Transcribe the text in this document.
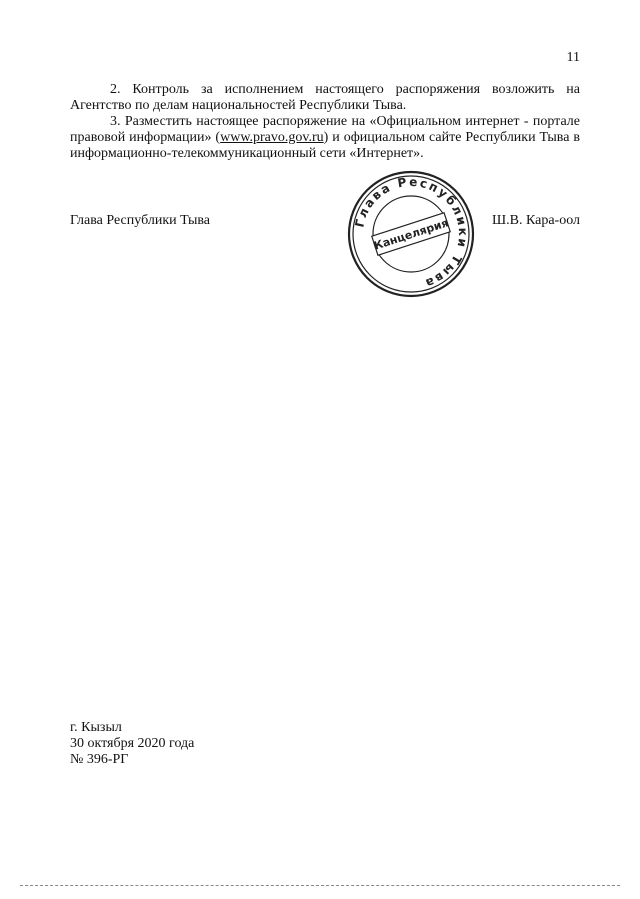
11

2. Контроль за исполнением настоящего распоряжения возложить на Агентство по делам национальностей Республики Тыва.

3. Разместить настоящее распоряжение на «Официальном интернет - портале правовой информации» (www.pravo.gov.ru) и официальном сайте Республики Тыва в информационно-телекоммуникационный сети «Интернет».

Глава Республики Тыва	Ш.В. Кара-оол
Глава Республики Тыва
Канцелярия
г. Кызыл
30 октября 2020 года
№ 396-РГ
